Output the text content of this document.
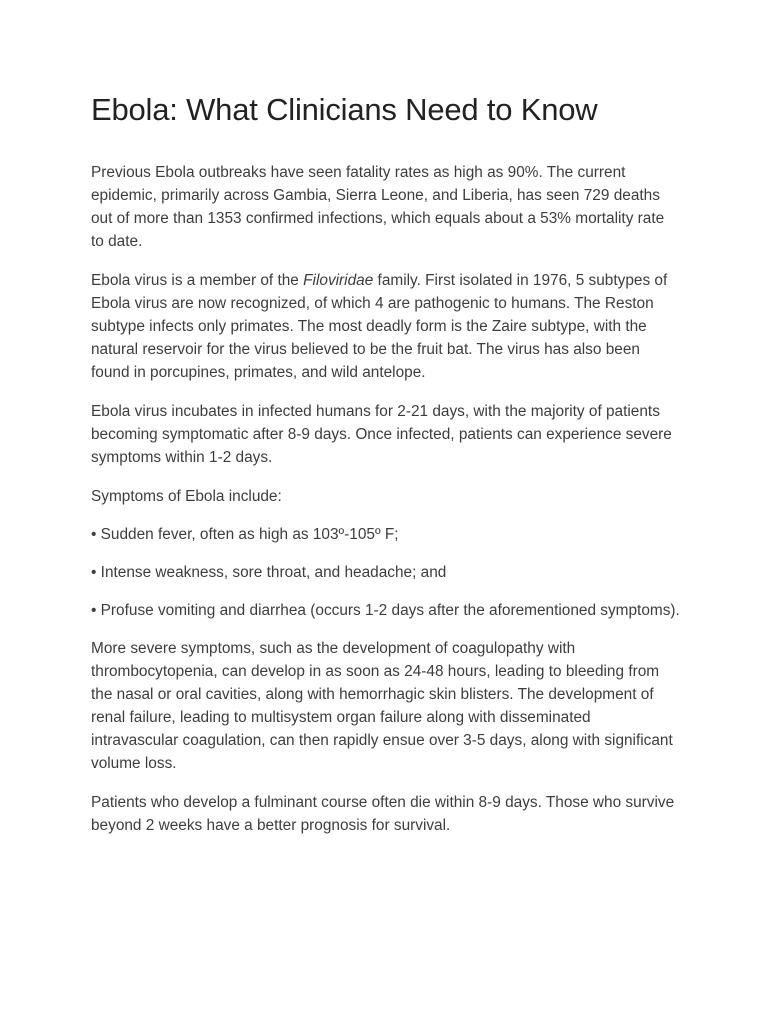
Ebola: What Clinicians Need to Know

Previous Ebola outbreaks have seen fatality rates as high as 90%. The current epidemic, primarily across Gambia, Sierra Leone, and Liberia, has seen 729 deaths out of more than 1353 confirmed infections, which equals about a 53% mortality rate to date.

Ebola virus is a member of the Filoviridae family. First isolated in 1976, 5 subtypes of Ebola virus are now recognized, of which 4 are pathogenic to humans. The Reston subtype infects only primates. The most deadly form is the Zaire subtype, with the natural reservoir for the virus believed to be the fruit bat. The virus has also been found in porcupines, primates, and wild antelope.

Ebola virus incubates in infected humans for 2-21 days, with the majority of patients becoming symptomatic after 8-9 days. Once infected, patients can experience severe symptoms within 1-2 days.

Symptoms of Ebola include:

• Sudden fever, often as high as 103º-105º F;

• Intense weakness, sore throat, and headache; and

• Profuse vomiting and diarrhea (occurs 1-2 days after the aforementioned symptoms).

More severe symptoms, such as the development of coagulopathy with thrombocytopenia, can develop in as soon as 24-48 hours, leading to bleeding from the nasal or oral cavities, along with hemorrhagic skin blisters. The development of renal failure, leading to multisystem organ failure along with disseminated intravascular coagulation, can then rapidly ensue over 3-5 days, along with significant volume loss.

Patients who develop a fulminant course often die within 8-9 days. Those who survive beyond 2 weeks have a better prognosis for survival.
